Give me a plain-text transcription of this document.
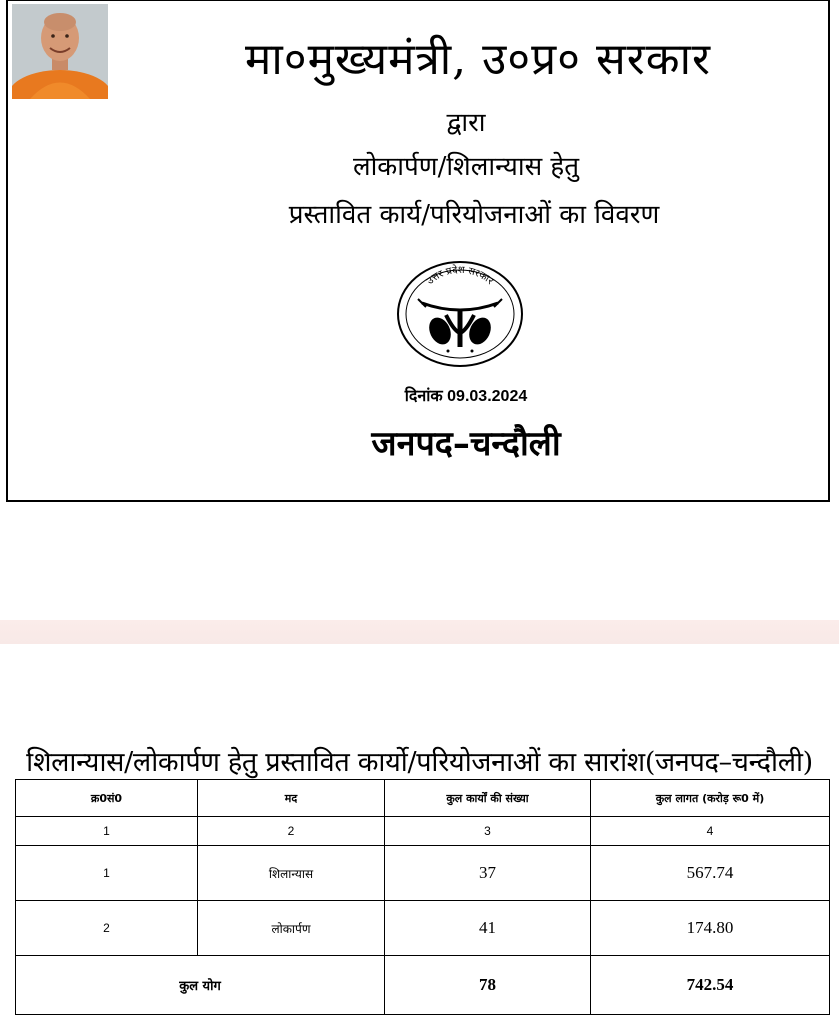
मा०मुख्यमंत्री, उ०प्र० सरकार
द्वारा
लोकार्पण/शिलान्यास हेतु
प्रस्तावित कार्य/परियोजनाओं का विवरण
उत्तर प्रदेश सरकार
दिनांक 09.03.2024
जनपद–चन्दौली
शिलान्यास/लोकार्पण हेतु प्रस्तावित कार्यो/परियोजनाओं का सारांश(जनपद–चन्दौली)
क्र0सं0	मद	कुल कार्यों की संख्या	कुल लागत (करोड़ रू0 में)
1	2	3	4
1	शिलान्यास	37	567.74
2	लोकार्पण	41	174.80
कुल योग		78	742.54
